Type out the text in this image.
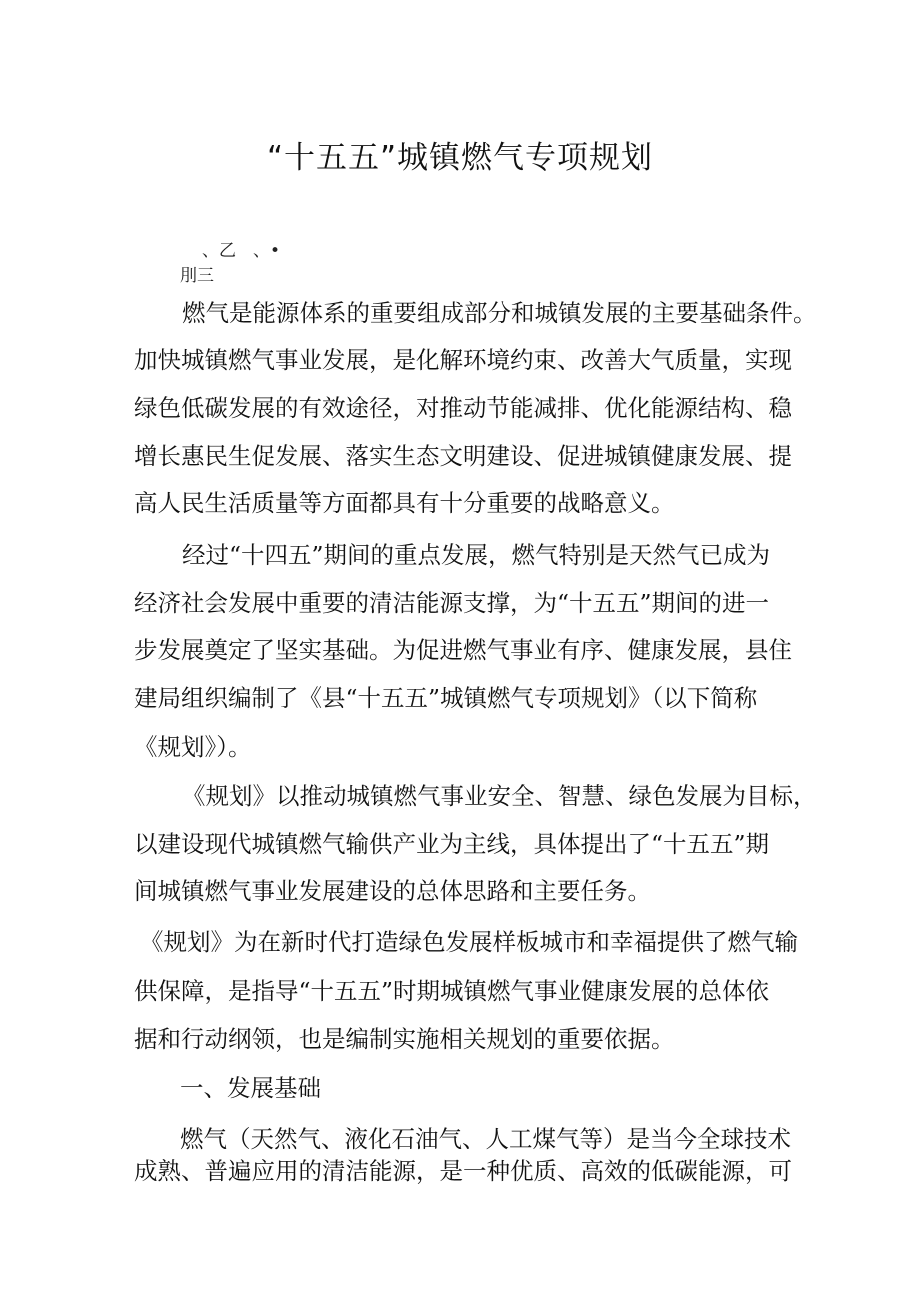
“十五五”城镇燃气专项规划
、乙　、•
刖三
燃气是能源体系的重要组成部分和城镇发展的主要基础条件。
加快城镇燃气事业发展，是化解环境约束、改善大气质量，实现
绿色低碳发展的有效途径，对推动节能减排、优化能源结构、稳
增长惠民生促发展、落实生态文明建设、促进城镇健康发展、提
高人民生活质量等方面都具有十分重要的战略意义。
经过“十四五”期间的重点发展，燃气特别是天然气已成为
经济社会发展中重要的清洁能源支撑，为“十五五”期间的进一
步发展奠定了坚实基础。为促进燃气事业有序、健康发展，县住
建局组织编制了《县“十五五”城镇燃气专项规划》（以下简称
《规划》）。
《规划》以推动城镇燃气事业安全、智慧、绿色发展为目标，
以建设现代城镇燃气输供产业为主线，具体提出了“十五五”期
间城镇燃气事业发展建设的总体思路和主要任务。
《规划》为在新时代打造绿色发展样板城市和幸福提供了燃气输
供保障，是指导“十五五”时期城镇燃气事业健康发展的总体依
据和行动纲领，也是编制实施相关规划的重要依据。
一、发展基础
燃气（天然气、液化石油气、人工煤气等）是当今全球技术
成熟、普遍应用的清洁能源，是一种优质、高效的低碳能源，可
